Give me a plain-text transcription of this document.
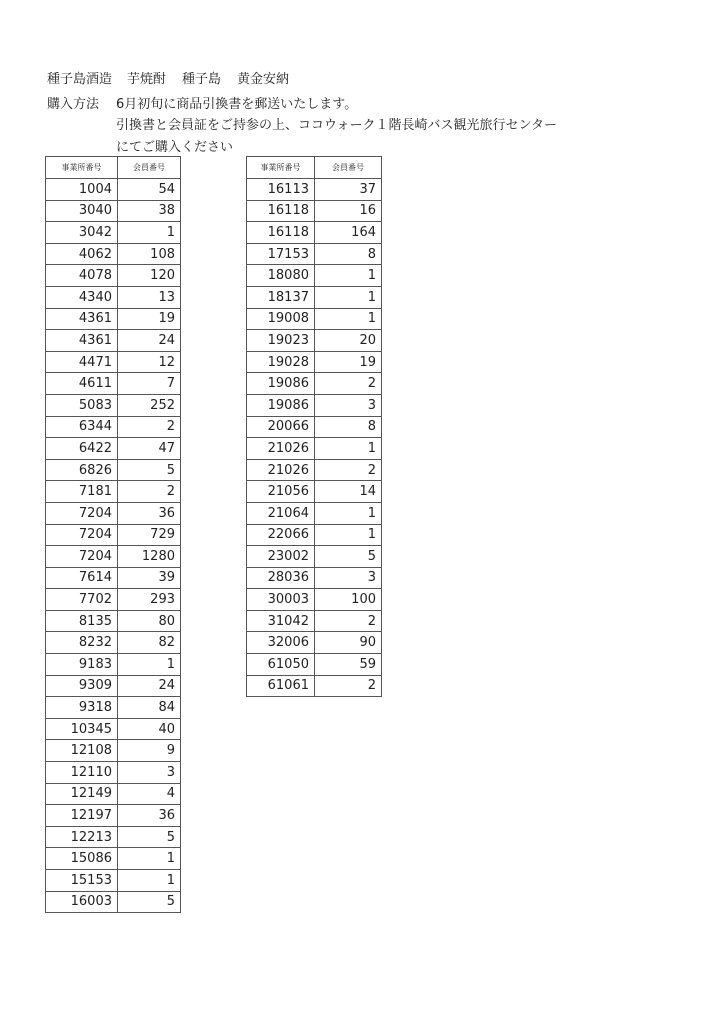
種子島酒造 芋焼酎 種子島 黄金安納
購入方法 6月初旬に商品引換書を郵送いたします。
引換書と会員証をご持参の上、ココウォーク１階長崎バス観光旅行センター
にてご購入ください
事業所番号	会員番号
1004	54
3040	38
3042	1
4062	108
4078	120
4340	13
4361	19
4361	24
4471	12
4611	7
5083	252
6344	2
6422	47
6826	5
7181	2
7204	36
7204	729
7204	1280
7614	39
7702	293
8135	80
8232	82
9183	1
9309	24
9318	84
10345	40
12108	9
12110	3
12149	4
12197	36
12213	5
15086	1
15153	1
16003	5
事業所番号	会員番号
16113	37
16118	16
16118	164
17153	8
18080	1
18137	1
19008	1
19023	20
19028	19
19086	2
19086	3
20066	8
21026	1
21026	2
21056	14
21064	1
22066	1
23002	5
28036	3
30003	100
31042	2
32006	90
61050	59
61061	2
